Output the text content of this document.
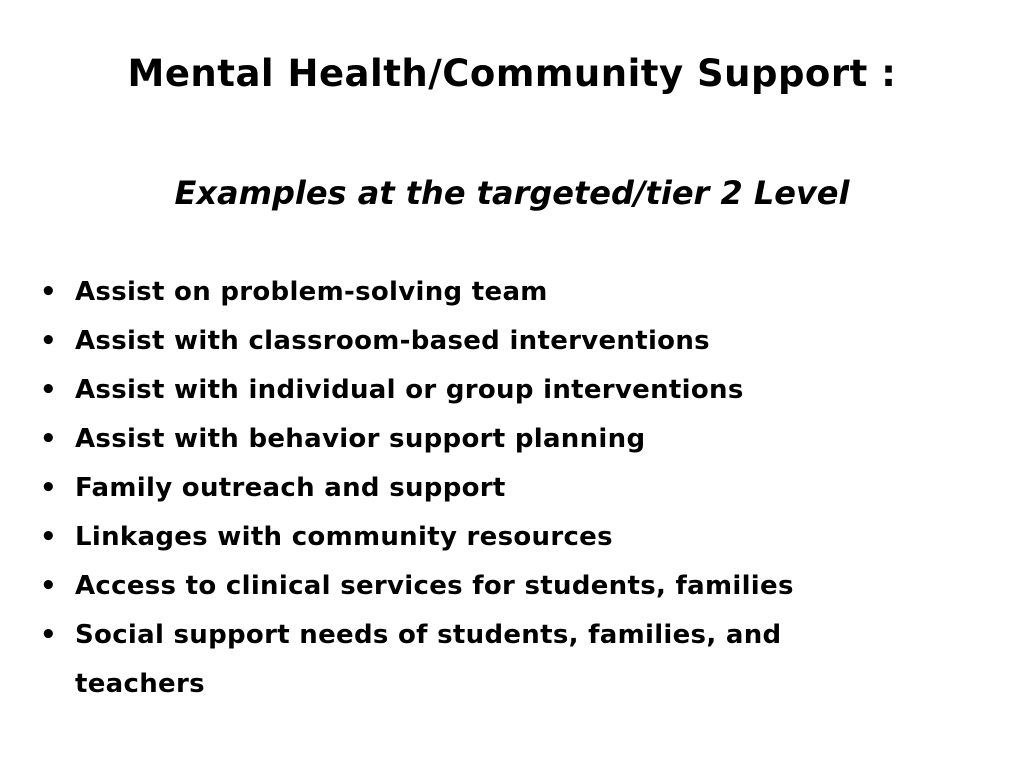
Mental Health/Community Support :
Examples at the targeted/tier 2 Level
• Assist on problem-solving team
• Assist with classroom-based interventions
• Assist with individual or group interventions
• Assist with behavior support planning
• Family outreach and support
• Linkages with community resources
• Access to clinical services for students, families
• Social support needs of students, families, and teachers
